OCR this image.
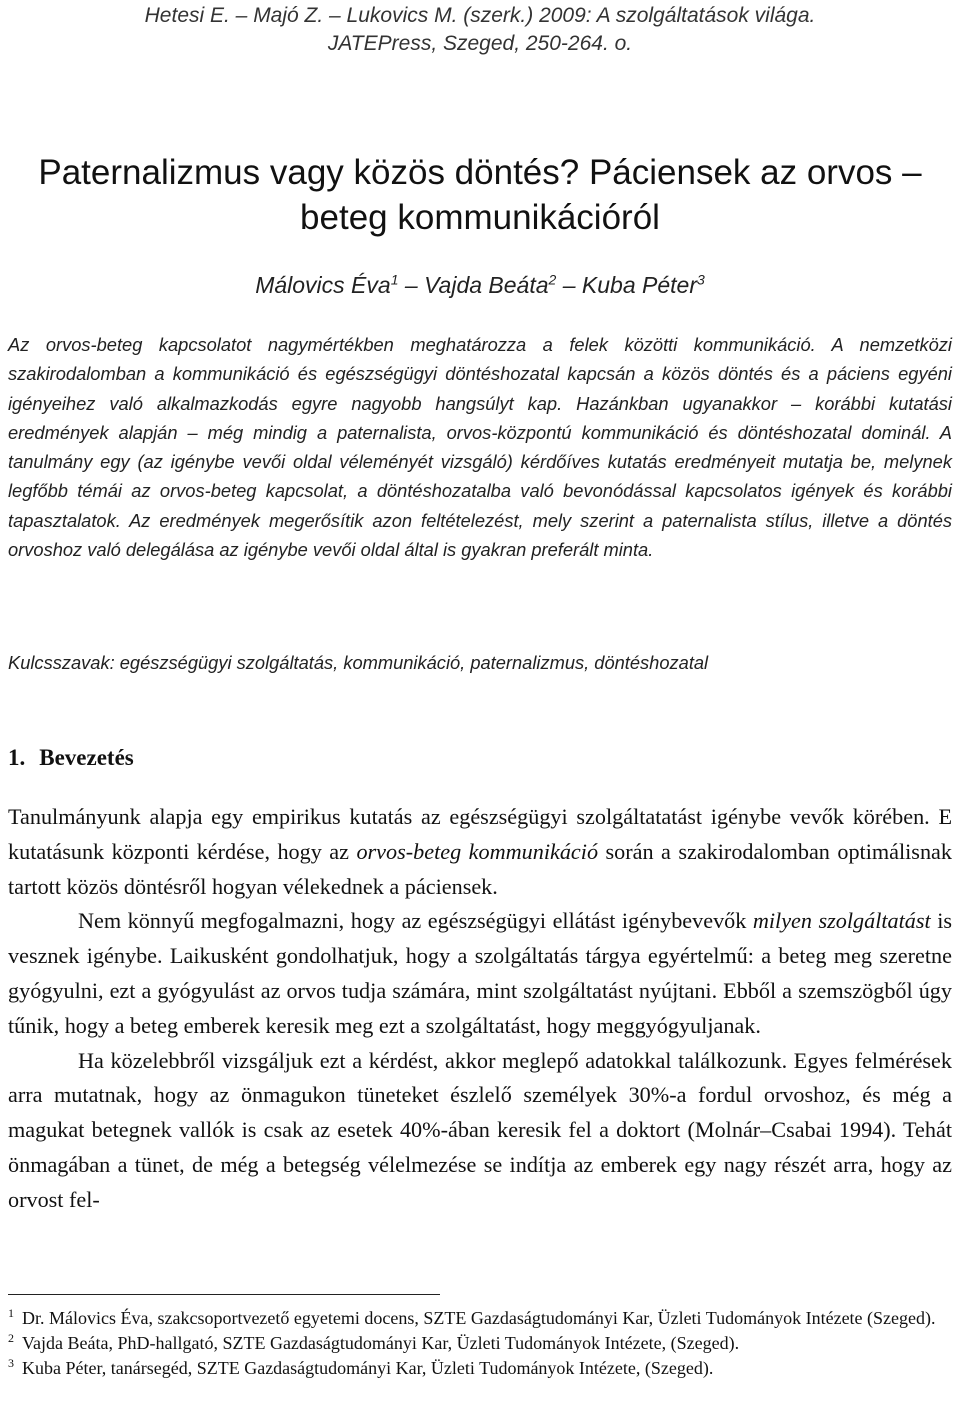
Hetesi E. – Majó Z. – Lukovics M. (szerk.) 2009: A szolgáltatások világa.
JATEPress, Szeged, 250-264. o.
Paternalizmus vagy közös döntés? Páciensek az orvos –
beteg kommunikációról
Málovics Éva$^1$ – Vajda Beáta$^2$ – Kuba Péter$^3$

Az orvos-beteg kapcsolatot nagymértékben meghatározza a felek közötti kommunikáció. A nemzetközi szakirodalomban a kommunikáció és egészségügyi döntéshozatal kapcsán a közös döntés és a páciens egyéni igényeihez való alkalmazkodás egyre nagyobb hangsúlyt kap. Hazánkban ugyanakkor – korábbi kutatási eredmények alapján – még mindig a paternalista, orvos-központú kommunikáció és döntéshozatal dominál. A tanulmány egy (az igénybe vevői oldal véleményét vizsgáló) kérdőíves kutatás eredményeit mutatja be, melynek legfőbb témái az orvos-beteg kapcsolat, a döntéshozatalba való bevonódással kapcsolatos igények és korábbi tapasztalatok. Az eredmények megerősítik azon feltételezést, mely szerint a paternalista stílus, illetve a döntés orvoshoz való delegálása az igénybe vevői oldal által is gyakran preferált minta.

Kulcsszavak: egészségügyi szolgáltatás, kommunikáció, paternalizmus, döntéshozatal

1. Bevezetés

Tanulmányunk alapja egy empirikus kutatás az egészségügyi szolgáltatatást igénybe vevők körében. E kutatásunk központi kérdése, hogy az orvos-beteg kommunikáció során a szakirodalomban optimálisnak tartott közös döntésről hogyan vélekednek a páciensek.

Nem könnyű megfogalmazni, hogy az egészségügyi ellátást igénybevevők milyen szolgáltatást is vesznek igénybe. Laikusként gondolhatjuk, hogy a szolgáltatás tárgya egyértelmű: a beteg meg szeretne gyógyulni, ezt a gyógyulást az orvos tudja számára, mint szolgáltatást nyújtani. Ebből a szemszögből úgy tűnik, hogy a beteg emberek keresik meg ezt a szolgáltatást, hogy meggyógyuljanak.

Ha közelebbről vizsgáljuk ezt a kérdést, akkor meglepő adatokkal találkozunk. Egyes felmérések arra mutatnak, hogy az önmagukon tüneteket észlelő személyek 30%-a fordul orvoshoz, és még a magukat betegnek vallók is csak az esetek 40%-ában keresik fel a doktort (Molnár–Csabai 1994). Tehát önmagában a tünet, de még a betegség vélelmezése se indítja az emberek egy nagy részét arra, hogy az orvost fel-

$^1$ Dr. Málovics Éva, szakcsoportvezető egyetemi docens, SZTE Gazdaságtudományi Kar, Üzleti Tudományok Intézete (Szeged).

$^2$ Vajda Beáta, PhD-hallgató, SZTE Gazdaságtudományi Kar, Üzleti Tudományok Intézete, (Szeged).

$^3$ Kuba Péter, tanársegéd, SZTE Gazdaságtudományi Kar, Üzleti Tudományok Intézete, (Szeged).
